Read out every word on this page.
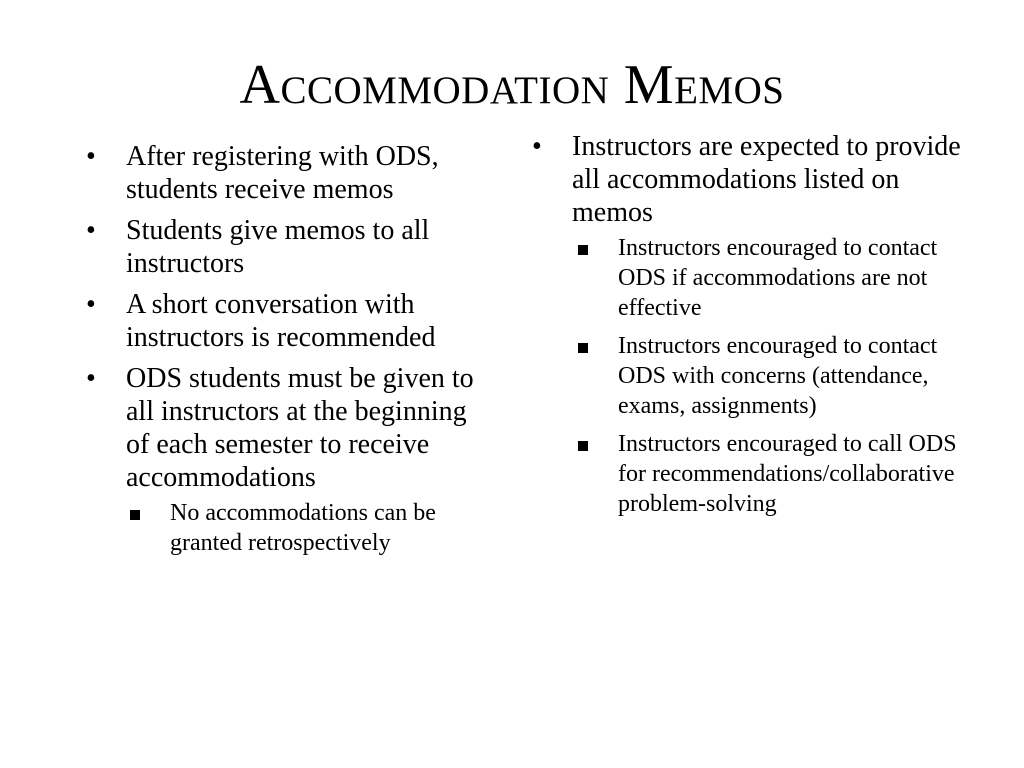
Accommodation Memos
•	After registering with ODS, students receive memos
•	Students give memos to all instructors
•	A short conversation with instructors is recommended
•	ODS students must be given to all instructors at the beginning of each semester to receive accommodations
No accommodations can be granted retrospectively
•	Instructors are expected to provide all accommodations listed on memos
Instructors encouraged to contact ODS if accommodations are not effective
Instructors encouraged to contact ODS with concerns (attendance, exams, assignments)
Instructors encouraged to call ODS for recommendations/collaborative problem-solving
